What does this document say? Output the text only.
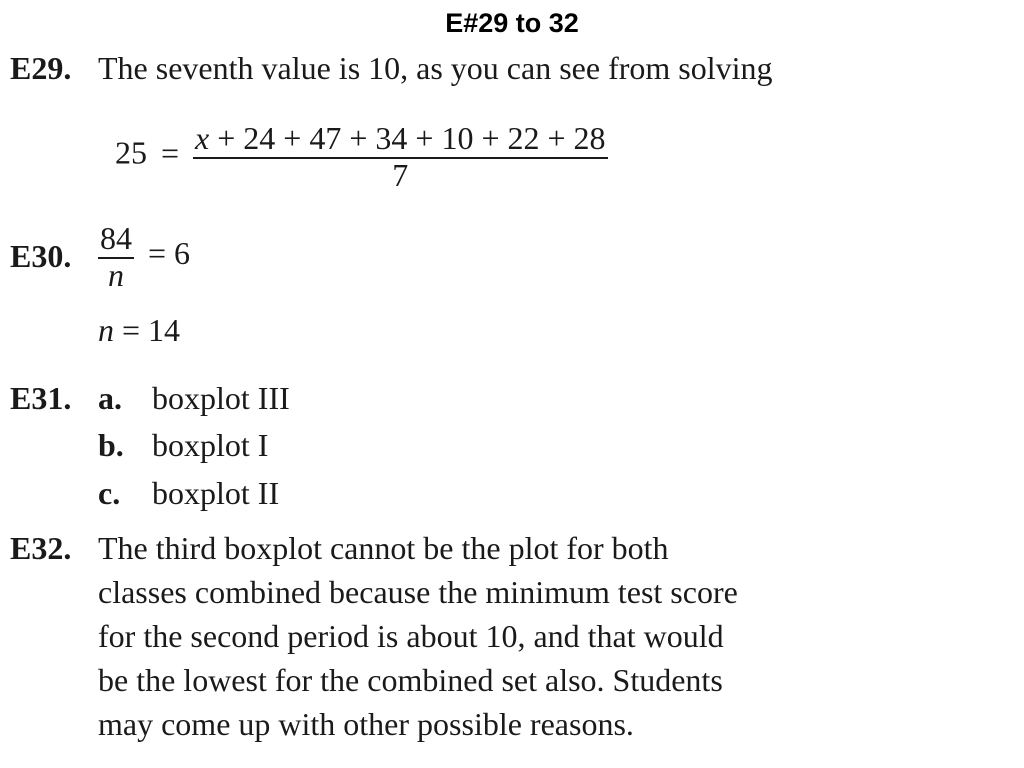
E#29 to 32
E29. The seventh value is 10, as you can see from solving
$25 = \frac{x + 24 + 47 + 34 + 10 + 22 + 28}{7}$
E30. $\frac{84}{n} = 6$
n = 14
E31. a. boxplot III
b. boxplot I
c. boxplot II
E32. The third boxplot cannot be the plot for both
classes combined because the minimum test score
for the second period is about 10, and that would
be the lowest for the combined set also. Students
may come up with other possible reasons.
